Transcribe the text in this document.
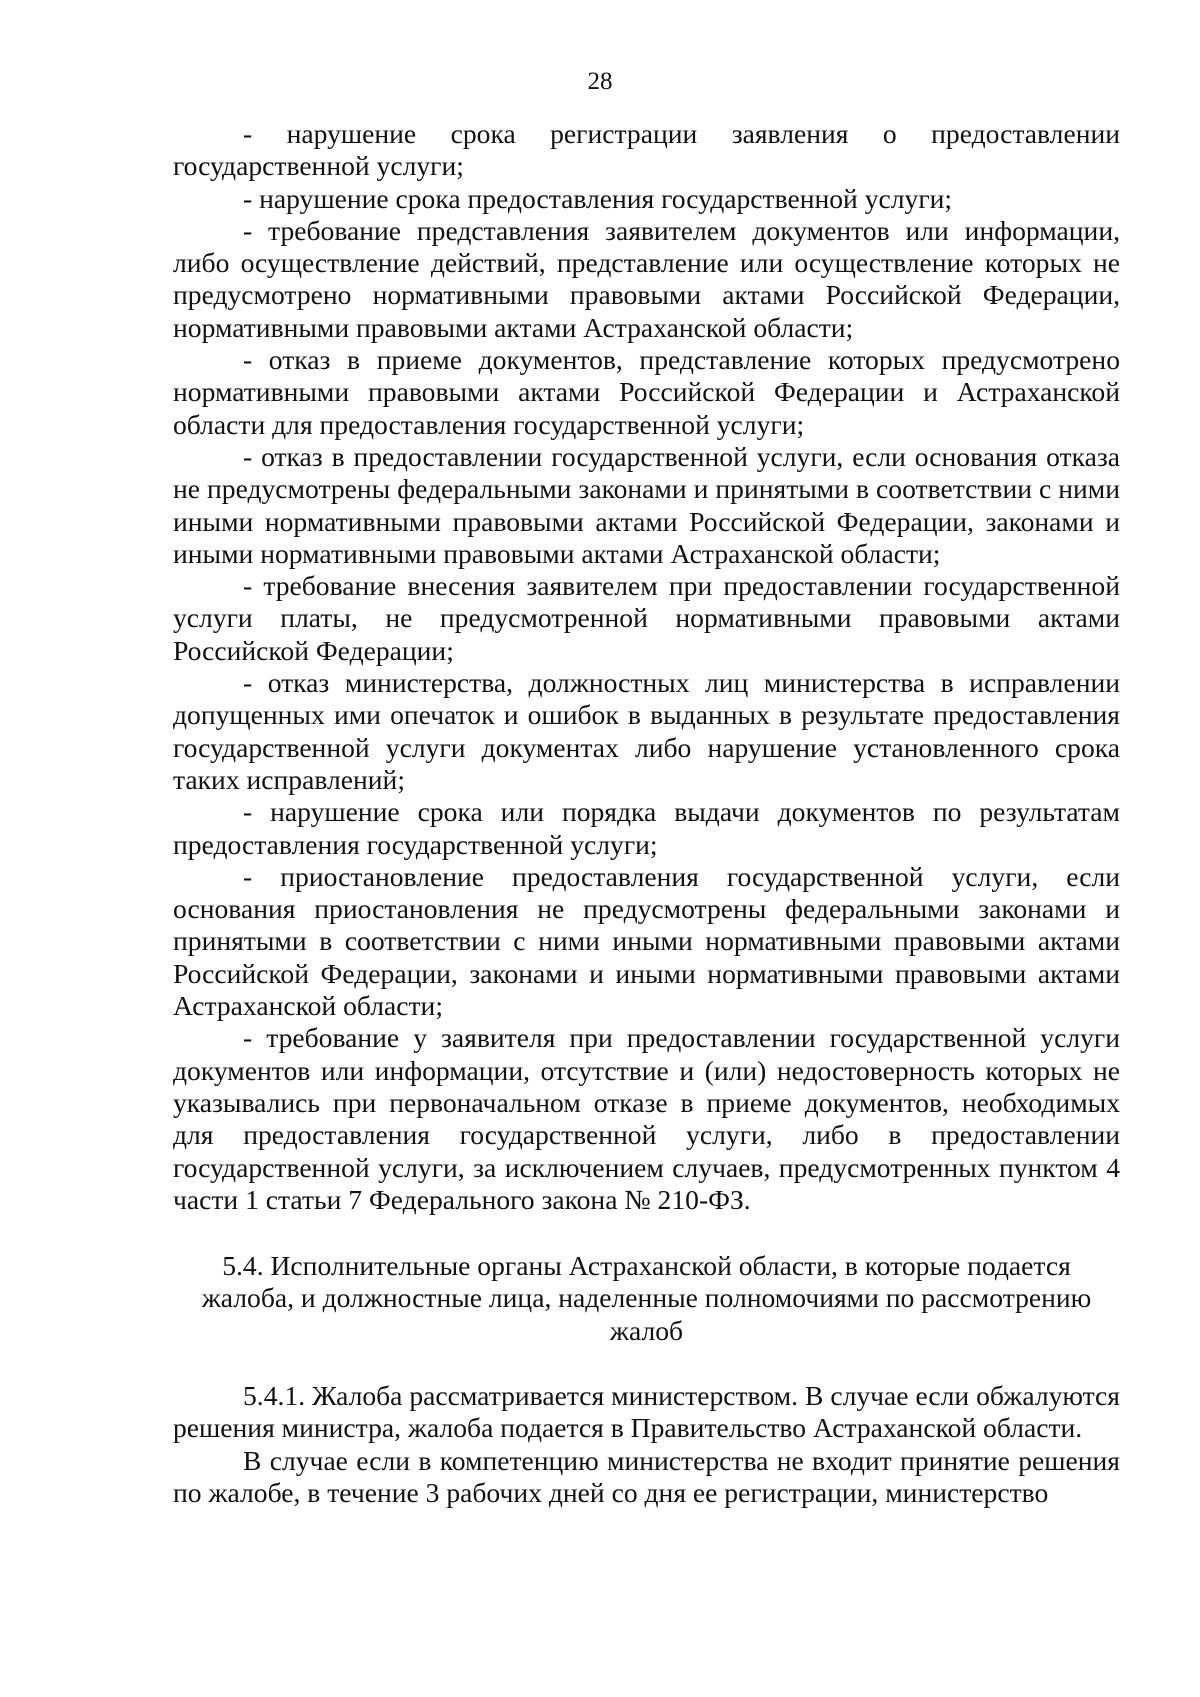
28

- нарушение срока регистрации заявления о предоставлении государственной услуги;

- нарушение срока предоставления государственной услуги;

- требование представления заявителем документов или информации, либо осуществление действий, представление или осуществление которых не предусмотрено нормативными правовыми актами Российской Федерации, нормативными правовыми актами Астраханской области;

- отказ в приеме документов, представление которых предусмотрено нормативными правовыми актами Российской Федерации и Астраханской области для предоставления государственной услуги;

- отказ в предоставлении государственной услуги, если основания отказа не предусмотрены федеральными законами и принятыми в соответствии с ними иными нормативными правовыми актами Российской Федерации, законами и иными нормативными правовыми актами Астраханской области;

- требование внесения заявителем при предоставлении государственной услуги платы, не предусмотренной нормативными правовыми актами Российской Федерации;

- отказ министерства, должностных лиц министерства в исправлении допущенных ими опечаток и ошибок в выданных в результате предоставления государственной услуги документах либо нарушение установленного срока таких исправлений;

- нарушение срока или порядка выдачи документов по результатам предоставления государственной услуги;

- приостановление предоставления государственной услуги, если основания приостановления не предусмотрены федеральными законами и принятыми в соответствии с ними иными нормативными правовыми актами Российской Федерации, законами и иными нормативными правовыми актами Астраханской области;

- требование у заявителя при предоставлении государственной услуги документов или информации, отсутствие и (или) недостоверность которых не указывались при первоначальном отказе в приеме документов, необходимых для предоставления государственной услуги, либо в предоставлении государственной услуги, за исключением случаев, предусмотренных пунктом 4 части 1 статьи 7 Федерального закона № 210-ФЗ.

5.4. Исполнительные органы Астраханской области, в которые подается
жалоба, и должностные лица, наделенные полномочиями по рассмотрению
жалоб

5.4.1. Жалоба рассматривается министерством. В случае если обжалуются решения министра, жалоба подается в Правительство Астраханской области.

В случае если в компетенцию министерства не входит принятие решения по жалобе, в течение 3 рабочих дней со дня ее регистрации, министерство
